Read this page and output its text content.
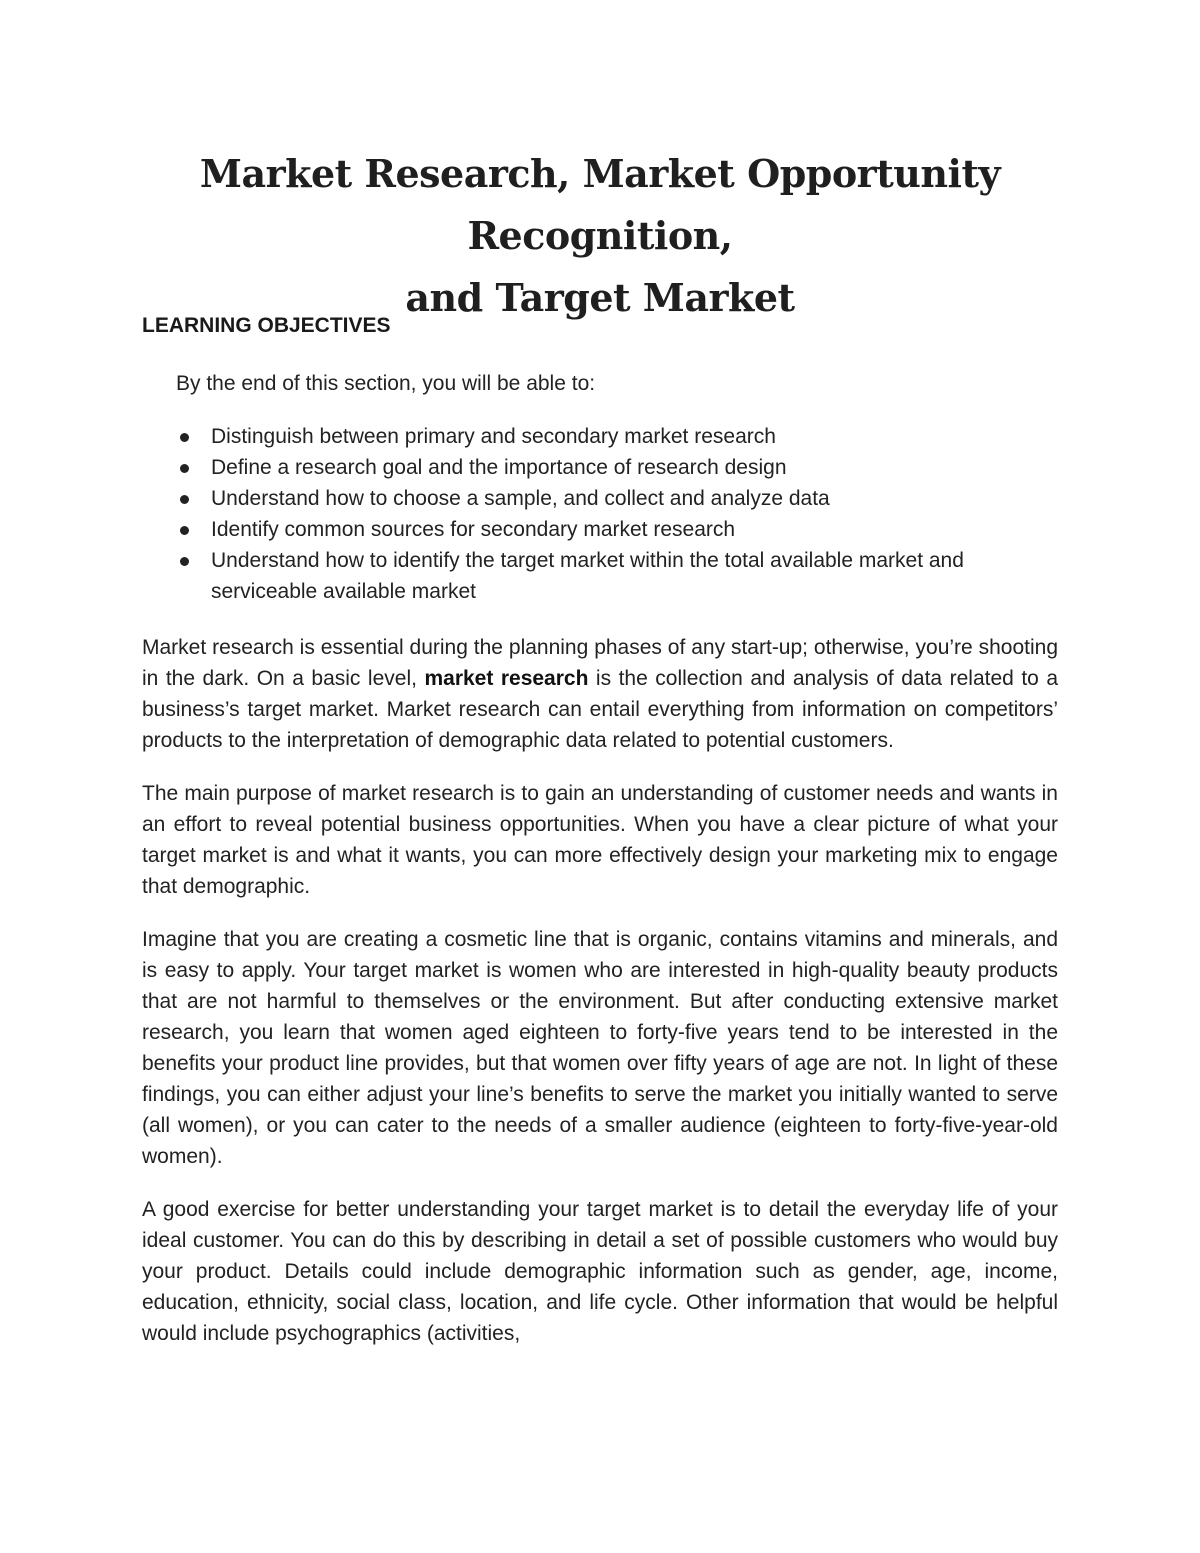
Market Research, Market Opportunity Recognition,
and Target Market
LEARNING OBJECTIVES

By the end of this section, you will be able to:

Distinguish between primary and secondary market research
Define a research goal and the importance of research design
Understand how to choose a sample, and collect and analyze data
Identify common sources for secondary market research
Understand how to identify the target market within the total available market and serviceable available market

Market research is essential during the planning phases of any start-up; otherwise, you’re shooting in the dark. On a basic level, market research is the collection and analysis of data related to a business’s target market. Market research can entail everything from information on competitors’ products to the interpretation of demographic data related to potential customers.

The main purpose of market research is to gain an understanding of customer needs and wants in an effort to reveal potential business opportunities. When you have a clear picture of what your target market is and what it wants, you can more effectively design your marketing mix to engage that demographic.

Imagine that you are creating a cosmetic line that is organic, contains vitamins and minerals, and is easy to apply. Your target market is women who are interested in high-quality beauty products that are not harmful to themselves or the environment. But after conducting extensive market research, you learn that women aged eighteen to forty-five years tend to be interested in the benefits your product line provides, but that women over fifty years of age are not. In light of these findings, you can either adjust your line’s benefits to serve the market you initially wanted to serve (all women), or you can cater to the needs of a smaller audience (eighteen to forty-five-year-old women).

A good exercise for better understanding your target market is to detail the everyday life of your ideal customer. You can do this by describing in detail a set of possible customers who would buy your product. Details could include demographic information such as gender, age, income, education, ethnicity, social class, location, and life cycle. Other information that would be helpful would include psychographics (activities,
